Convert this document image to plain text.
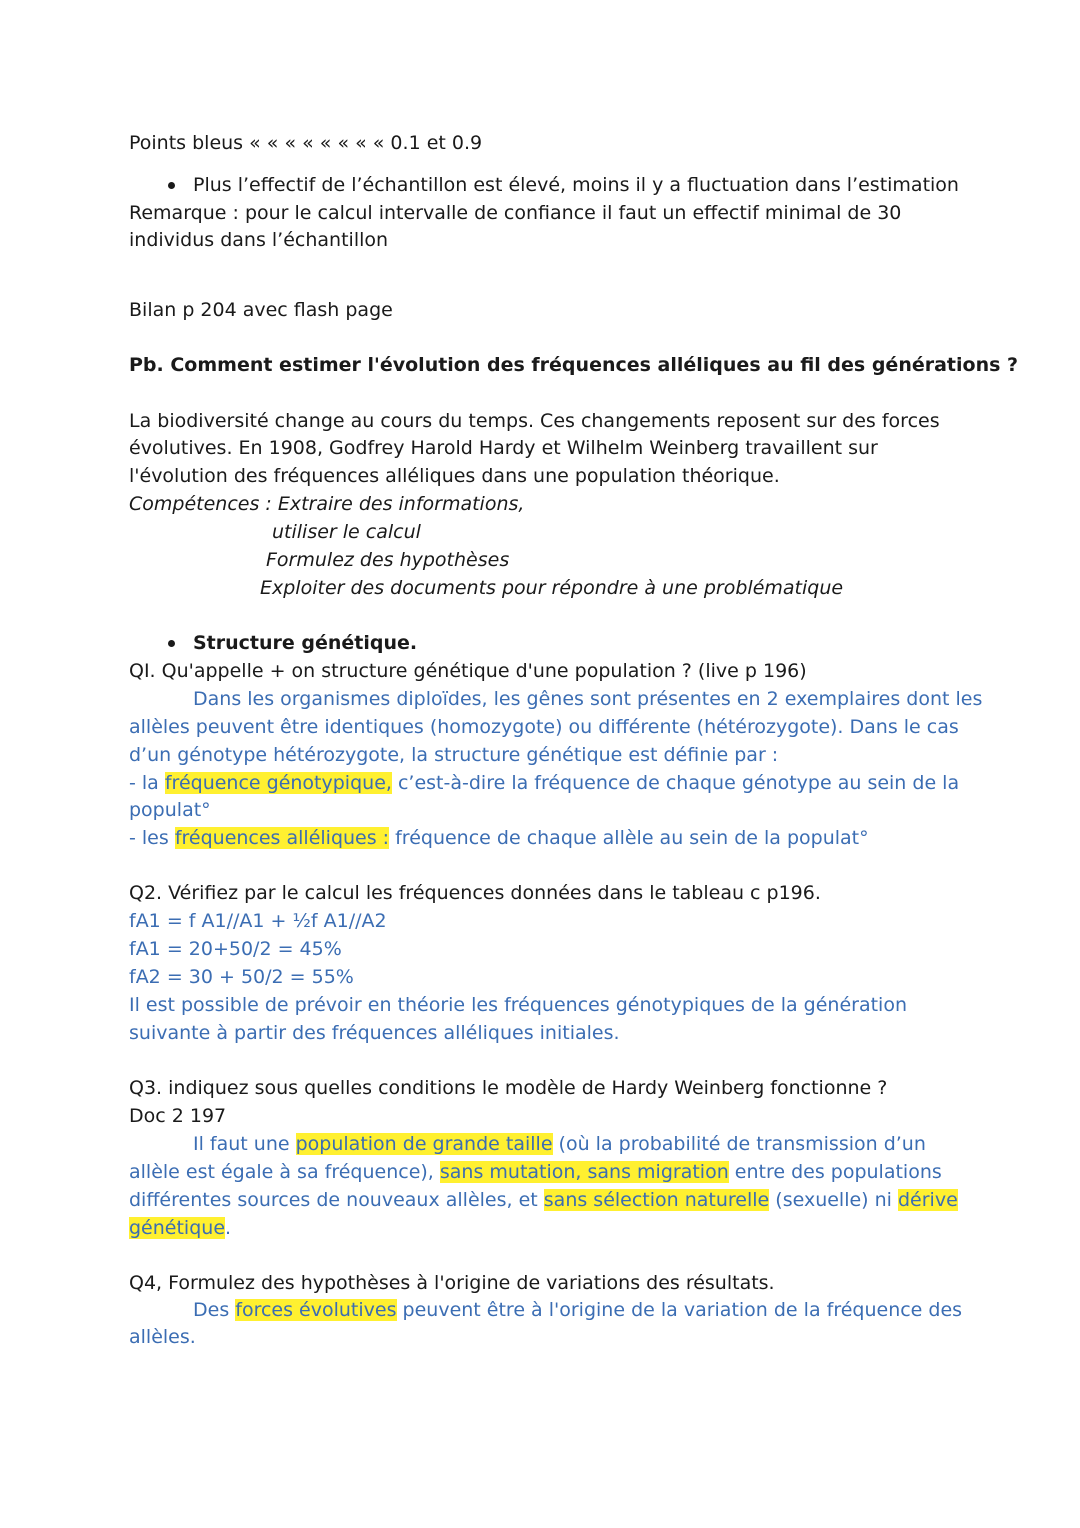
Points bleus « « « « « « « « 0.1 et 0.9
Plus l’effectif de l’échantillon est élevé, moins il y a fluctuation dans l’estimation
Remarque : pour le calcul intervalle de confiance il faut un effectif minimal de 30
individus dans l’échantillon
Bilan p 204 avec flash page
Pb. Comment estimer l'évolution des fréquences alléliques au fil des générations ?
La biodiversité change au cours du temps. Ces changements reposent sur des forces
évolutives. En 1908, Godfrey Harold Hardy et Wilhelm Weinberg travaillent sur
l'évolution des fréquences alléliques dans une population théorique.
Compétences : Extraire des informations,
utiliser le calcul
Formulez des hypothèses
Exploiter des documents pour répondre à une problématique
Structure génétique.
QI. Qu'appelle + on structure génétique d'une population ? (live p 196)
Dans les organismes diploïdes, les gênes sont présentes en 2 exemplaires dont les
allèles peuvent être identiques (homozygote) ou différente (hétérozygote). Dans le cas
d’un génotype hétérozygote, la structure génétique est définie par :
- la fréquence génotypique, c’est-à-dire la fréquence de chaque génotype au sein de la
populat°
- les fréquences alléliques : fréquence de chaque allèle au sein de la populat°
Q2. Vérifiez par le calcul les fréquences données dans le tableau c p196.
fA1 = f A1//A1 + ½f A1//A2
fA1 = 20+50/2 = 45%
fA2 = 30 + 50/2 = 55%
Il est possible de prévoir en théorie les fréquences génotypiques de la génération
suivante à partir des fréquences alléliques initiales.
Q3. indiquez sous quelles conditions le modèle de Hardy Weinberg fonctionne ?
Doc 2 197
Il faut une population de grande taille (où la probabilité de transmission d’un
allèle est égale à sa fréquence), sans mutation, sans migration entre des populations
différentes sources de nouveaux allèles, et sans sélection naturelle (sexuelle) ni dérive
génétique.
Q4, Formulez des hypothèses à l'origine de variations des résultats.
Des forces évolutives peuvent être à l'origine de la variation de la fréquence des
allèles.
